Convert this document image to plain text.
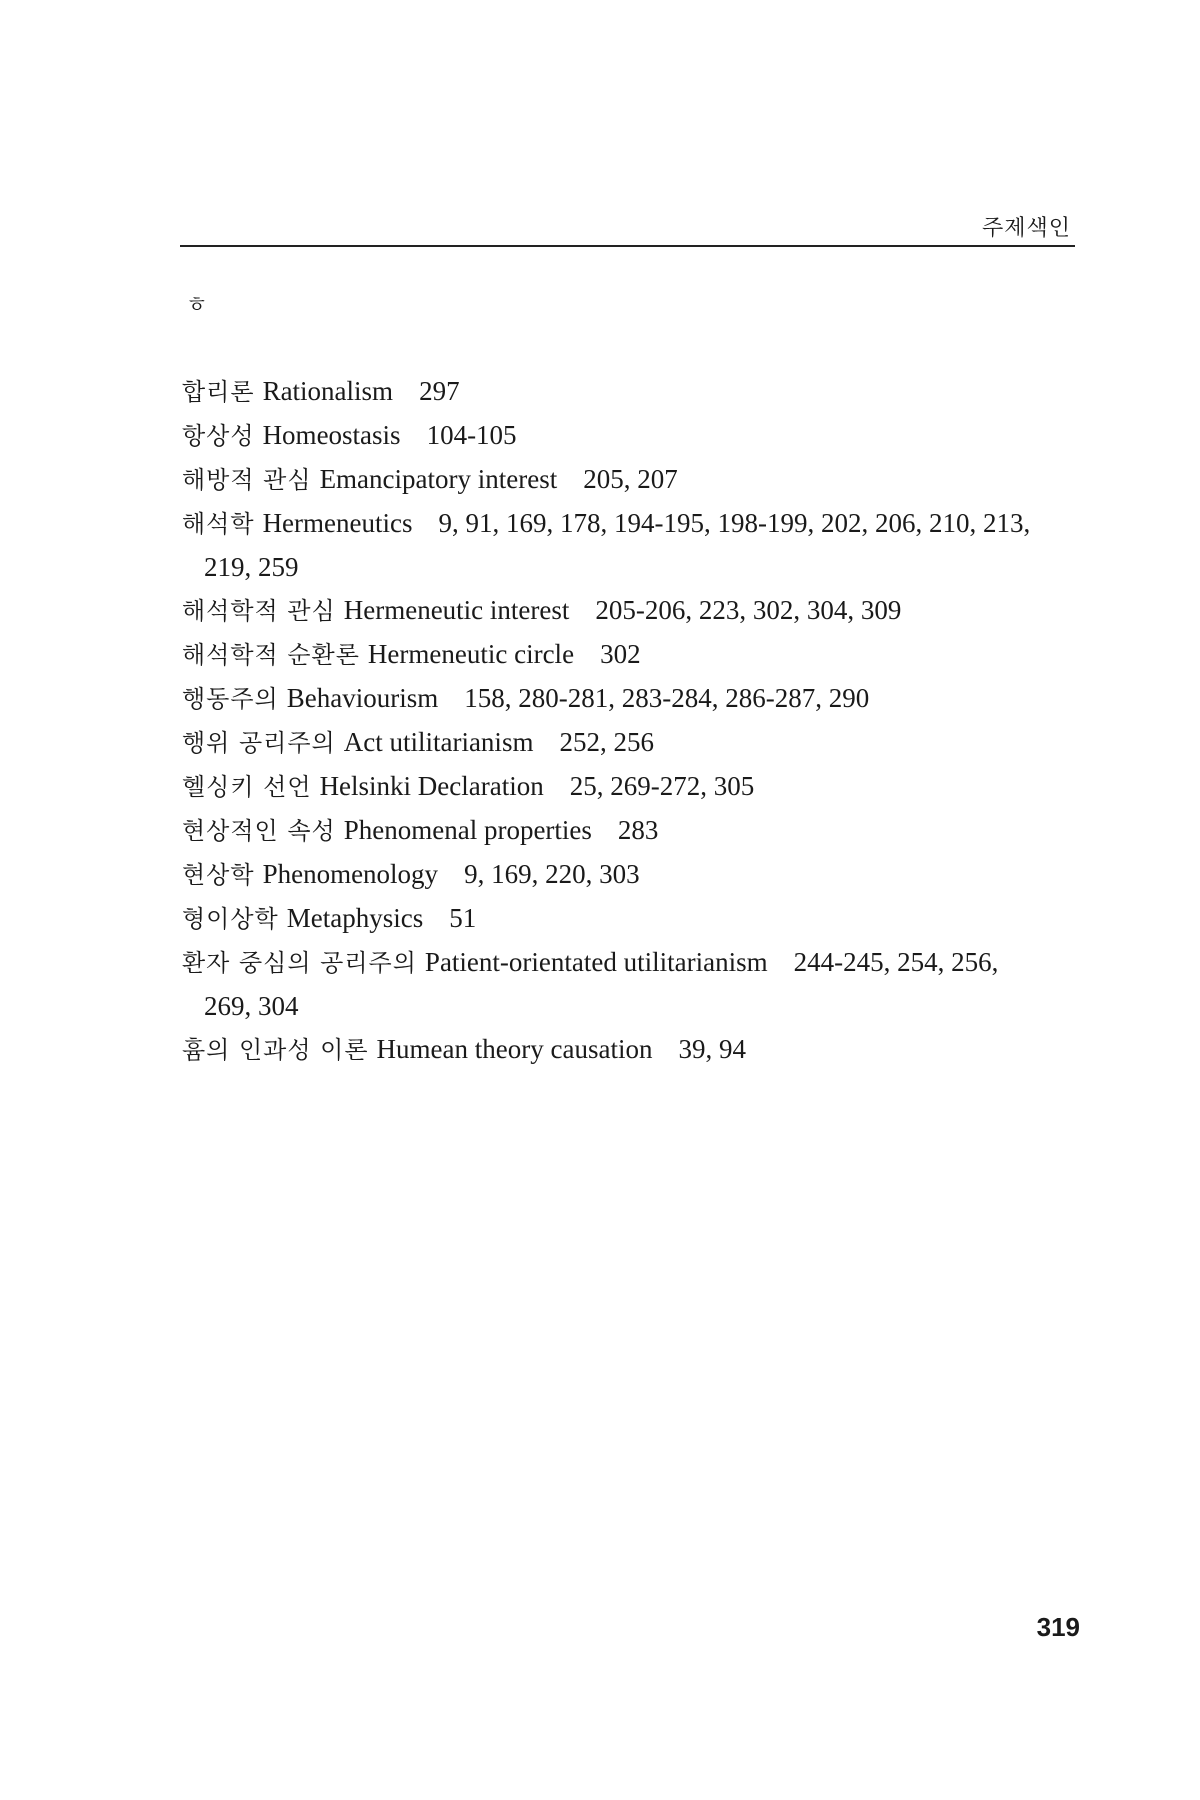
주제색인
ㅎ
합리론 Rationalism 297
항상성 Homeostasis 104-105
해방적 관심 Emancipatory interest 205, 207
해석학 Hermeneutics 9, 91, 169, 178, 194-195, 198-199, 202, 206, 210, 213,
219, 259
해석학적 관심 Hermeneutic interest 205-206, 223, 302, 304, 309
해석학적 순환론 Hermeneutic circle 302
행동주의 Behaviourism 158, 280-281, 283-284, 286-287, 290
행위 공리주의 Act utilitarianism 252, 256
헬싱키 선언 Helsinki Declaration 25, 269-272, 305
현상적인 속성 Phenomenal properties 283
현상학 Phenomenology 9, 169, 220, 303
형이상학 Metaphysics 51
환자 중심의 공리주의 Patient-orientated utilitarianism 244-245, 254, 256,
269, 304
흄의 인과성 이론 Humean theory causation 39, 94
319
